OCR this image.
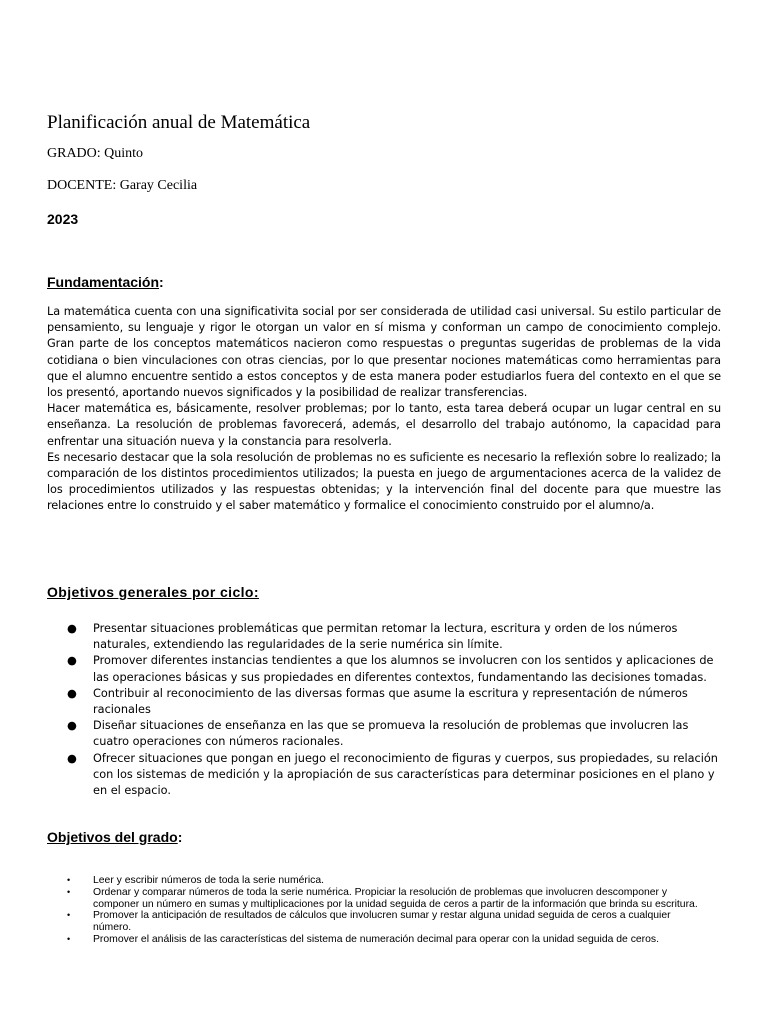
Planificación anual de Matemática
GRADO: Quinto
DOCENTE: Garay Cecilia
2023
Fundamentación:

La matemática cuenta con una significativita social por ser considerada de utilidad casi universal. Su estilo particular de pensamiento, su lenguaje y rigor le otorgan un valor en sí misma y conforman un campo de conocimiento complejo. Gran parte de los conceptos matemáticos nacieron como respuestas o preguntas sugeridas de problemas de la vida cotidiana o bien vinculaciones con otras ciencias, por lo que presentar nociones matemáticas como herramientas para que el alumno encuentre sentido a estos conceptos y de esta manera poder estudiarlos fuera del contexto en el que se los presentó, aportando nuevos significados y la posibilidad de realizar transferencias.

Hacer matemática es, básicamente, resolver problemas; por lo tanto, esta tarea deberá ocupar un lugar central en su enseñanza. La resolución de problemas favorecerá, además, el desarrollo del trabajo autónomo, la capacidad para enfrentar una situación nueva y la constancia para resolverla.

Es necesario destacar que la sola resolución de problemas no es suficiente es necesario la reflexión sobre lo realizado; la comparación de los distintos procedimientos utilizados; la puesta en juego de argumentaciones acerca de la validez de los procedimientos utilizados y las respuestas obtenidas; y la intervención final del docente para que muestre las relaciones entre lo construido y el saber matemático y formalice el conocimiento construido por el alumno/a.

Objetivos generales por ciclo:
● Presentar situaciones problemáticas que permitan retomar la lectura, escritura y orden de los números naturales, extendiendo las regularidades de la serie numérica sin límite.
● Promover diferentes instancias tendientes a que los alumnos se involucren con los sentidos y aplicaciones de las operaciones básicas y sus propiedades en diferentes contextos, fundamentando las decisiones tomadas.
● Contribuir al reconocimiento de las diversas formas que asume la escritura y representación de números racionales
● Diseñar situaciones de enseñanza en las que se promueva la resolución de problemas que involucren las cuatro operaciones con números racionales.
● Ofrecer situaciones que pongan en juego el reconocimiento de figuras y cuerpos, sus propiedades, su relación con los sistemas de medición y la apropiación de sus características para determinar posiciones en el plano y en el espacio.
Objetivos del grado:
• Leer y escribir números de toda la serie numérica.
• Ordenar y comparar números de toda la serie numérica. Propiciar la resolución de problemas que involucren descomponer y componer un número en sumas y multiplicaciones por la unidad seguida de ceros a partir de la información que brinda su escritura.
• Promover la anticipación de resultados de cálculos que involucren sumar y restar alguna unidad seguida de ceros a cualquier número.
• Promover el análisis de las características del sistema de numeración decimal para operar con la unidad seguida de ceros.
